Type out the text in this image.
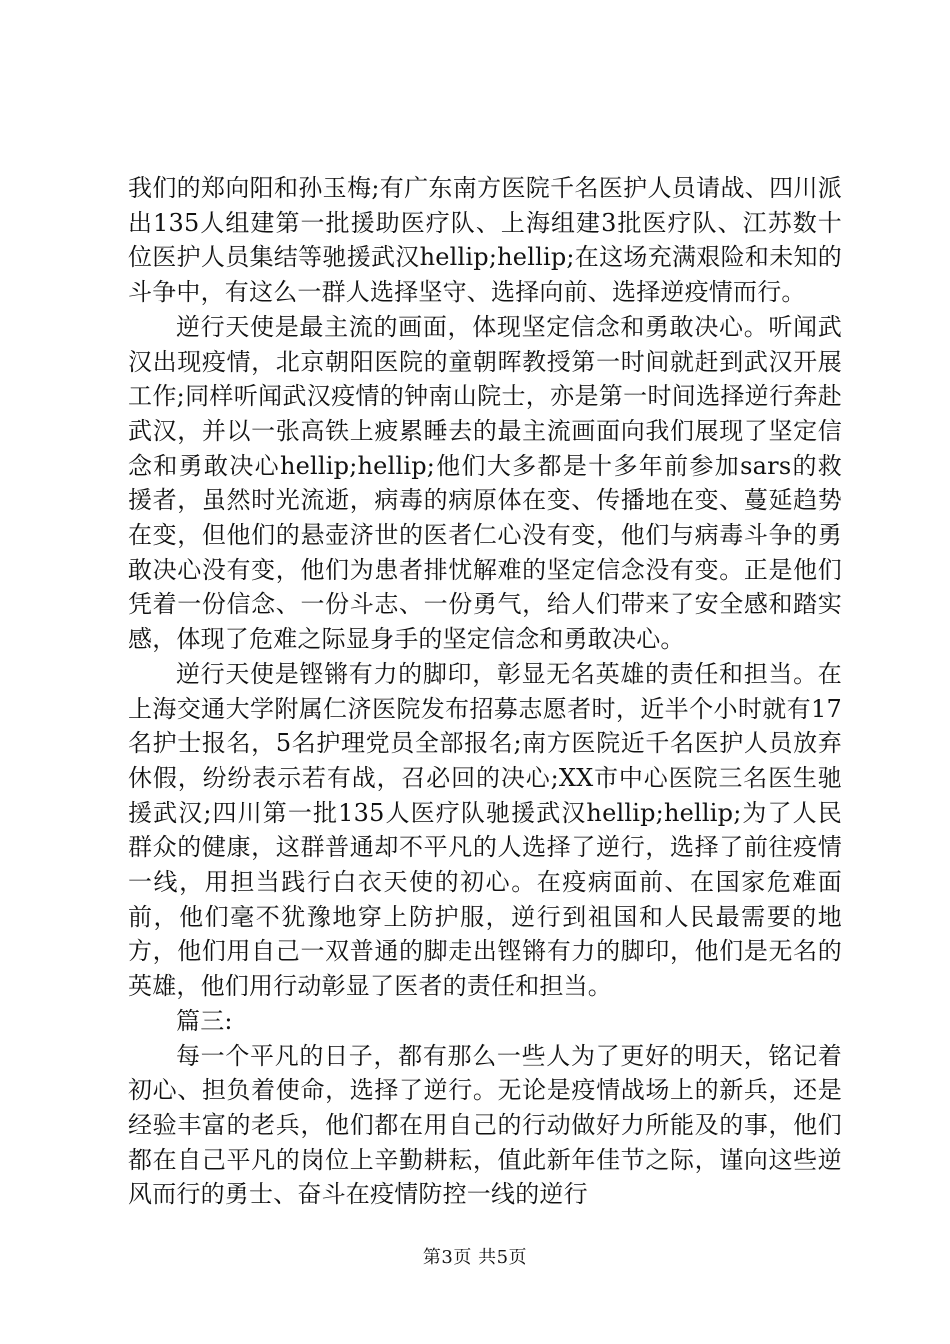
我们的郑向阳和孙玉梅;有广东南方医院千名医护人员请战、四川派出135人组建第一批援助医疗队、上海组建3批医疗队、江苏数十位医护人员集结等驰援武汉hellip;hellip;在这场充满艰险和未知的斗争中，有这么一群人选择坚守、选择向前、选择逆疫情而行。

逆行天使是最主流的画面，体现坚定信念和勇敢决心。听闻武汉出现疫情，北京朝阳医院的童朝晖教授第一时间就赶到武汉开展工作;同样听闻武汉疫情的钟南山院士，亦是第一时间选择逆行奔赴武汉，并以一张高铁上疲累睡去的最主流画面向我们展现了坚定信念和勇敢决心hellip;hellip;他们大多都是十多年前参加sars的救援者，虽然时光流逝，病毒的病原体在变、传播地在变、蔓延趋势在变，但他们的悬壶济世的医者仁心没有变，他们与病毒斗争的勇敢决心没有变，他们为患者排忧解难的坚定信念没有变。正是他们凭着一份信念、一份斗志、一份勇气，给人们带来了安全感和踏实感，体现了危难之际显身手的坚定信念和勇敢决心。

逆行天使是铿锵有力的脚印，彰显无名英雄的责任和担当。在上海交通大学附属仁济医院发布招募志愿者时，近半个小时就有17名护士报名，5名护理党员全部报名;南方医院近千名医护人员放弃休假，纷纷表示若有战，召必回的决心;XX市中心医院三名医生驰援武汉;四川第一批135人医疗队驰援武汉hellip;hellip;为了人民群众的健康，这群普通却不平凡的人选择了逆行，选择了前往疫情一线，用担当践行白衣天使的初心。在疫病面前、在国家危难面前，他们毫不犹豫地穿上防护服，逆行到祖国和人民最需要的地方，他们用自己一双普通的脚走出铿锵有力的脚印，他们是无名的英雄，他们用行动彰显了医者的责任和担当。

篇三:

每一个平凡的日子，都有那么一些人为了更好的明天，铭记着初心、担负着使命，选择了逆行。无论是疫情战场上的新兵，还是经验丰富的老兵，他们都在用自己的行动做好力所能及的事，他们都在自己平凡的岗位上辛勤耕耘，值此新年佳节之际，谨向这些逆风而行的勇士、奋斗在疫情防控一线的逆行

第3页 共5页
